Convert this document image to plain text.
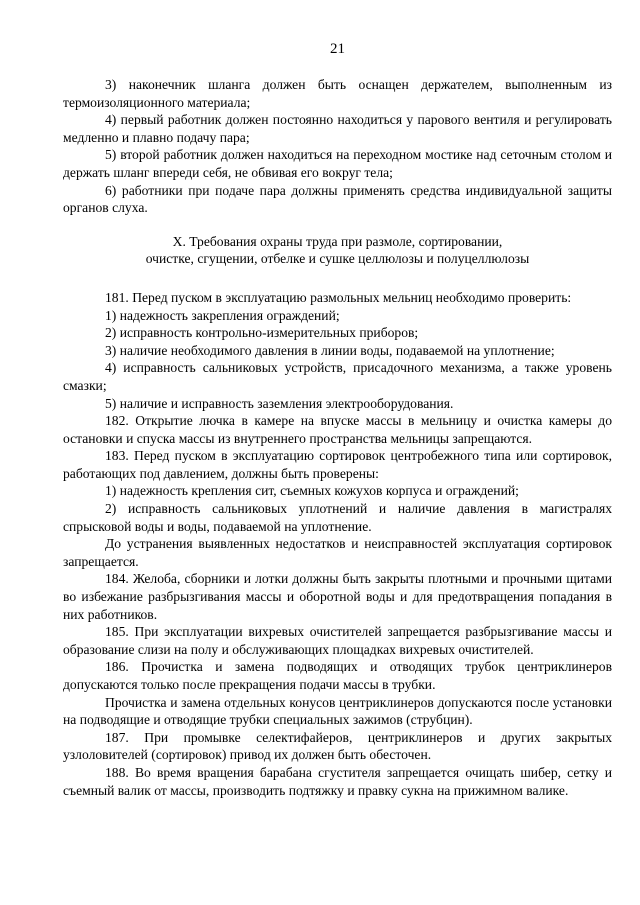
21

3) наконечник шланга должен быть оснащен держателем, выполненным из термоизоляционного материала;

4) первый работник должен постоянно находиться у парового вентиля и регулировать медленно и плавно подачу пара;

5) второй работник должен находиться на переходном мостике над сеточным столом и держать шланг впереди себя, не обвивая его вокруг тела;

6) работники при подаче пара должны применять средства индивидуальной защиты органов слуха.

X. Требования охраны труда при размоле, сортировании,

очистке, сгущении, отбелке и сушке целлюлозы и полуцеллюлозы

181. Перед пуском в эксплуатацию размольных мельниц необходимо проверить:

1) надежность закрепления ограждений;

2) исправность контрольно-измерительных приборов;

3) наличие необходимого давления в линии воды, подаваемой на уплотнение;

4) исправность сальниковых устройств, присадочного механизма, а также уровень смазки;

5) наличие и исправность заземления электрооборудования.

182. Открытие лючка в камере на впуске массы в мельницу и очистка камеры до остановки и спуска массы из внутреннего пространства мельницы запрещаются.

183. Перед пуском в эксплуатацию сортировок центробежного типа или сортировок, работающих под давлением, должны быть проверены:

1) надежность крепления сит, съемных кожухов корпуса и ограждений;

2) исправность сальниковых уплотнений и наличие давления в магистралях спрысковой воды и воды, подаваемой на уплотнение.

До устранения выявленных недостатков и неисправностей эксплуатация сортировок запрещается.

184. Желоба, сборники и лотки должны быть закрыты плотными и прочными щитами во избежание разбрызгивания массы и оборотной воды и для предотвращения попадания в них работников.

185. При эксплуатации вихревых очистителей запрещается разбрызгивание массы и образование слизи на полу и обслуживающих площадках вихревых очистителей.

186. Прочистка и замена подводящих и отводящих трубок центриклинеров допускаются только после прекращения подачи массы в трубки.

Прочистка и замена отдельных конусов центриклинеров допускаются после установки на подводящие и отводящие трубки специальных зажимов (струбцин).

187. При промывке селектифайеров, центриклинеров и других закрытых узлоловителей (сортировок) привод их должен быть обесточен.

188. Во время вращения барабана сгустителя запрещается очищать шибер, сетку и съемный валик от массы, производить подтяжку и правку сукна на прижимном валике.
